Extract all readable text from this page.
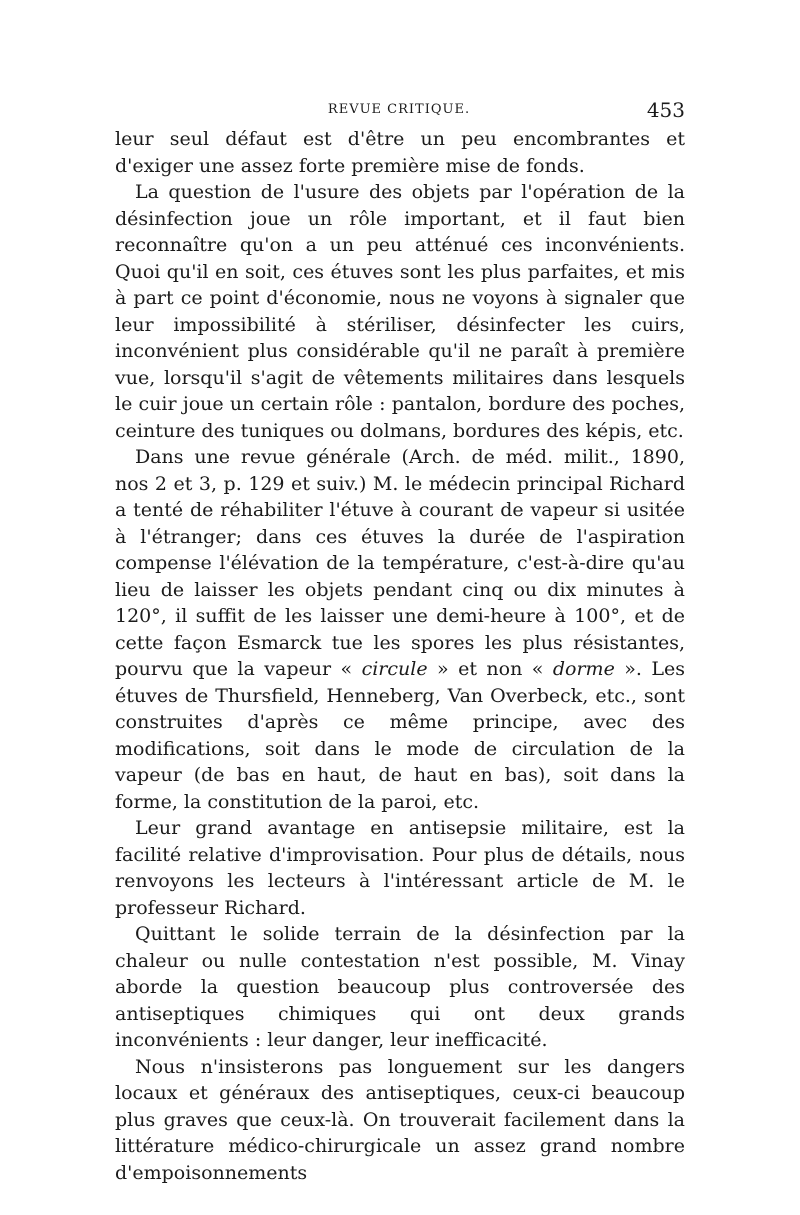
REVUE CRITIQUE.	453

leur seul défaut est d'être un peu encombrantes et d'exiger une assez forte première mise de fonds.

La question de l'usure des objets par l'opération de la désinfection joue un rôle important, et il faut bien reconnaître qu'on a un peu atténué ces inconvénients. Quoi qu'il en soit, ces étuves sont les plus parfaites, et mis à part ce point d'économie, nous ne voyons à signaler que leur impossibilité à stériliser, désinfecter les cuirs, inconvénient plus considérable qu'il ne paraît à première vue, lorsqu'il s'agit de vêtements militaires dans lesquels le cuir joue un certain rôle : pantalon, bordure des poches, ceinture des tuniques ou dolmans, bordures des képis, etc.

Dans une revue générale (Arch. de méd. milit., 1890, nos 2 et 3, p. 129 et suiv.) M. le médecin principal Richard a tenté de réhabiliter l'étuve à courant de vapeur si usitée à l'étranger; dans ces étuves la durée de l'aspiration compense l'élévation de la température, c'est-à-dire qu'au lieu de laisser les objets pendant cinq ou dix minutes à 120°, il suffit de les laisser une demi-heure à 100°, et de cette façon Esmarck tue les spores les plus résistantes, pourvu que la vapeur « circule » et non « dorme ». Les étuves de Thursfield, Henneberg, Van Overbeck, etc., sont construites d'après ce même principe, avec des modifications, soit dans le mode de circulation de la vapeur (de bas en haut, de haut en bas), soit dans la forme, la constitution de la paroi, etc.

Leur grand avantage en antisepsie militaire, est la facilité relative d'improvisation. Pour plus de détails, nous renvoyons les lecteurs à l'intéressant article de M. le professeur Richard.

Quittant le solide terrain de la désinfection par la chaleur ou nulle contestation n'est possible, M. Vinay aborde la question beaucoup plus controversée des antiseptiques chimiques qui ont deux grands inconvénients : leur danger, leur inefficacité.

Nous n'insisterons pas longuement sur les dangers locaux et généraux des antiseptiques, ceux-ci beaucoup plus graves que ceux-là. On trouverait facilement dans la littérature médico-chirurgicale un assez grand nombre d'empoisonnements
